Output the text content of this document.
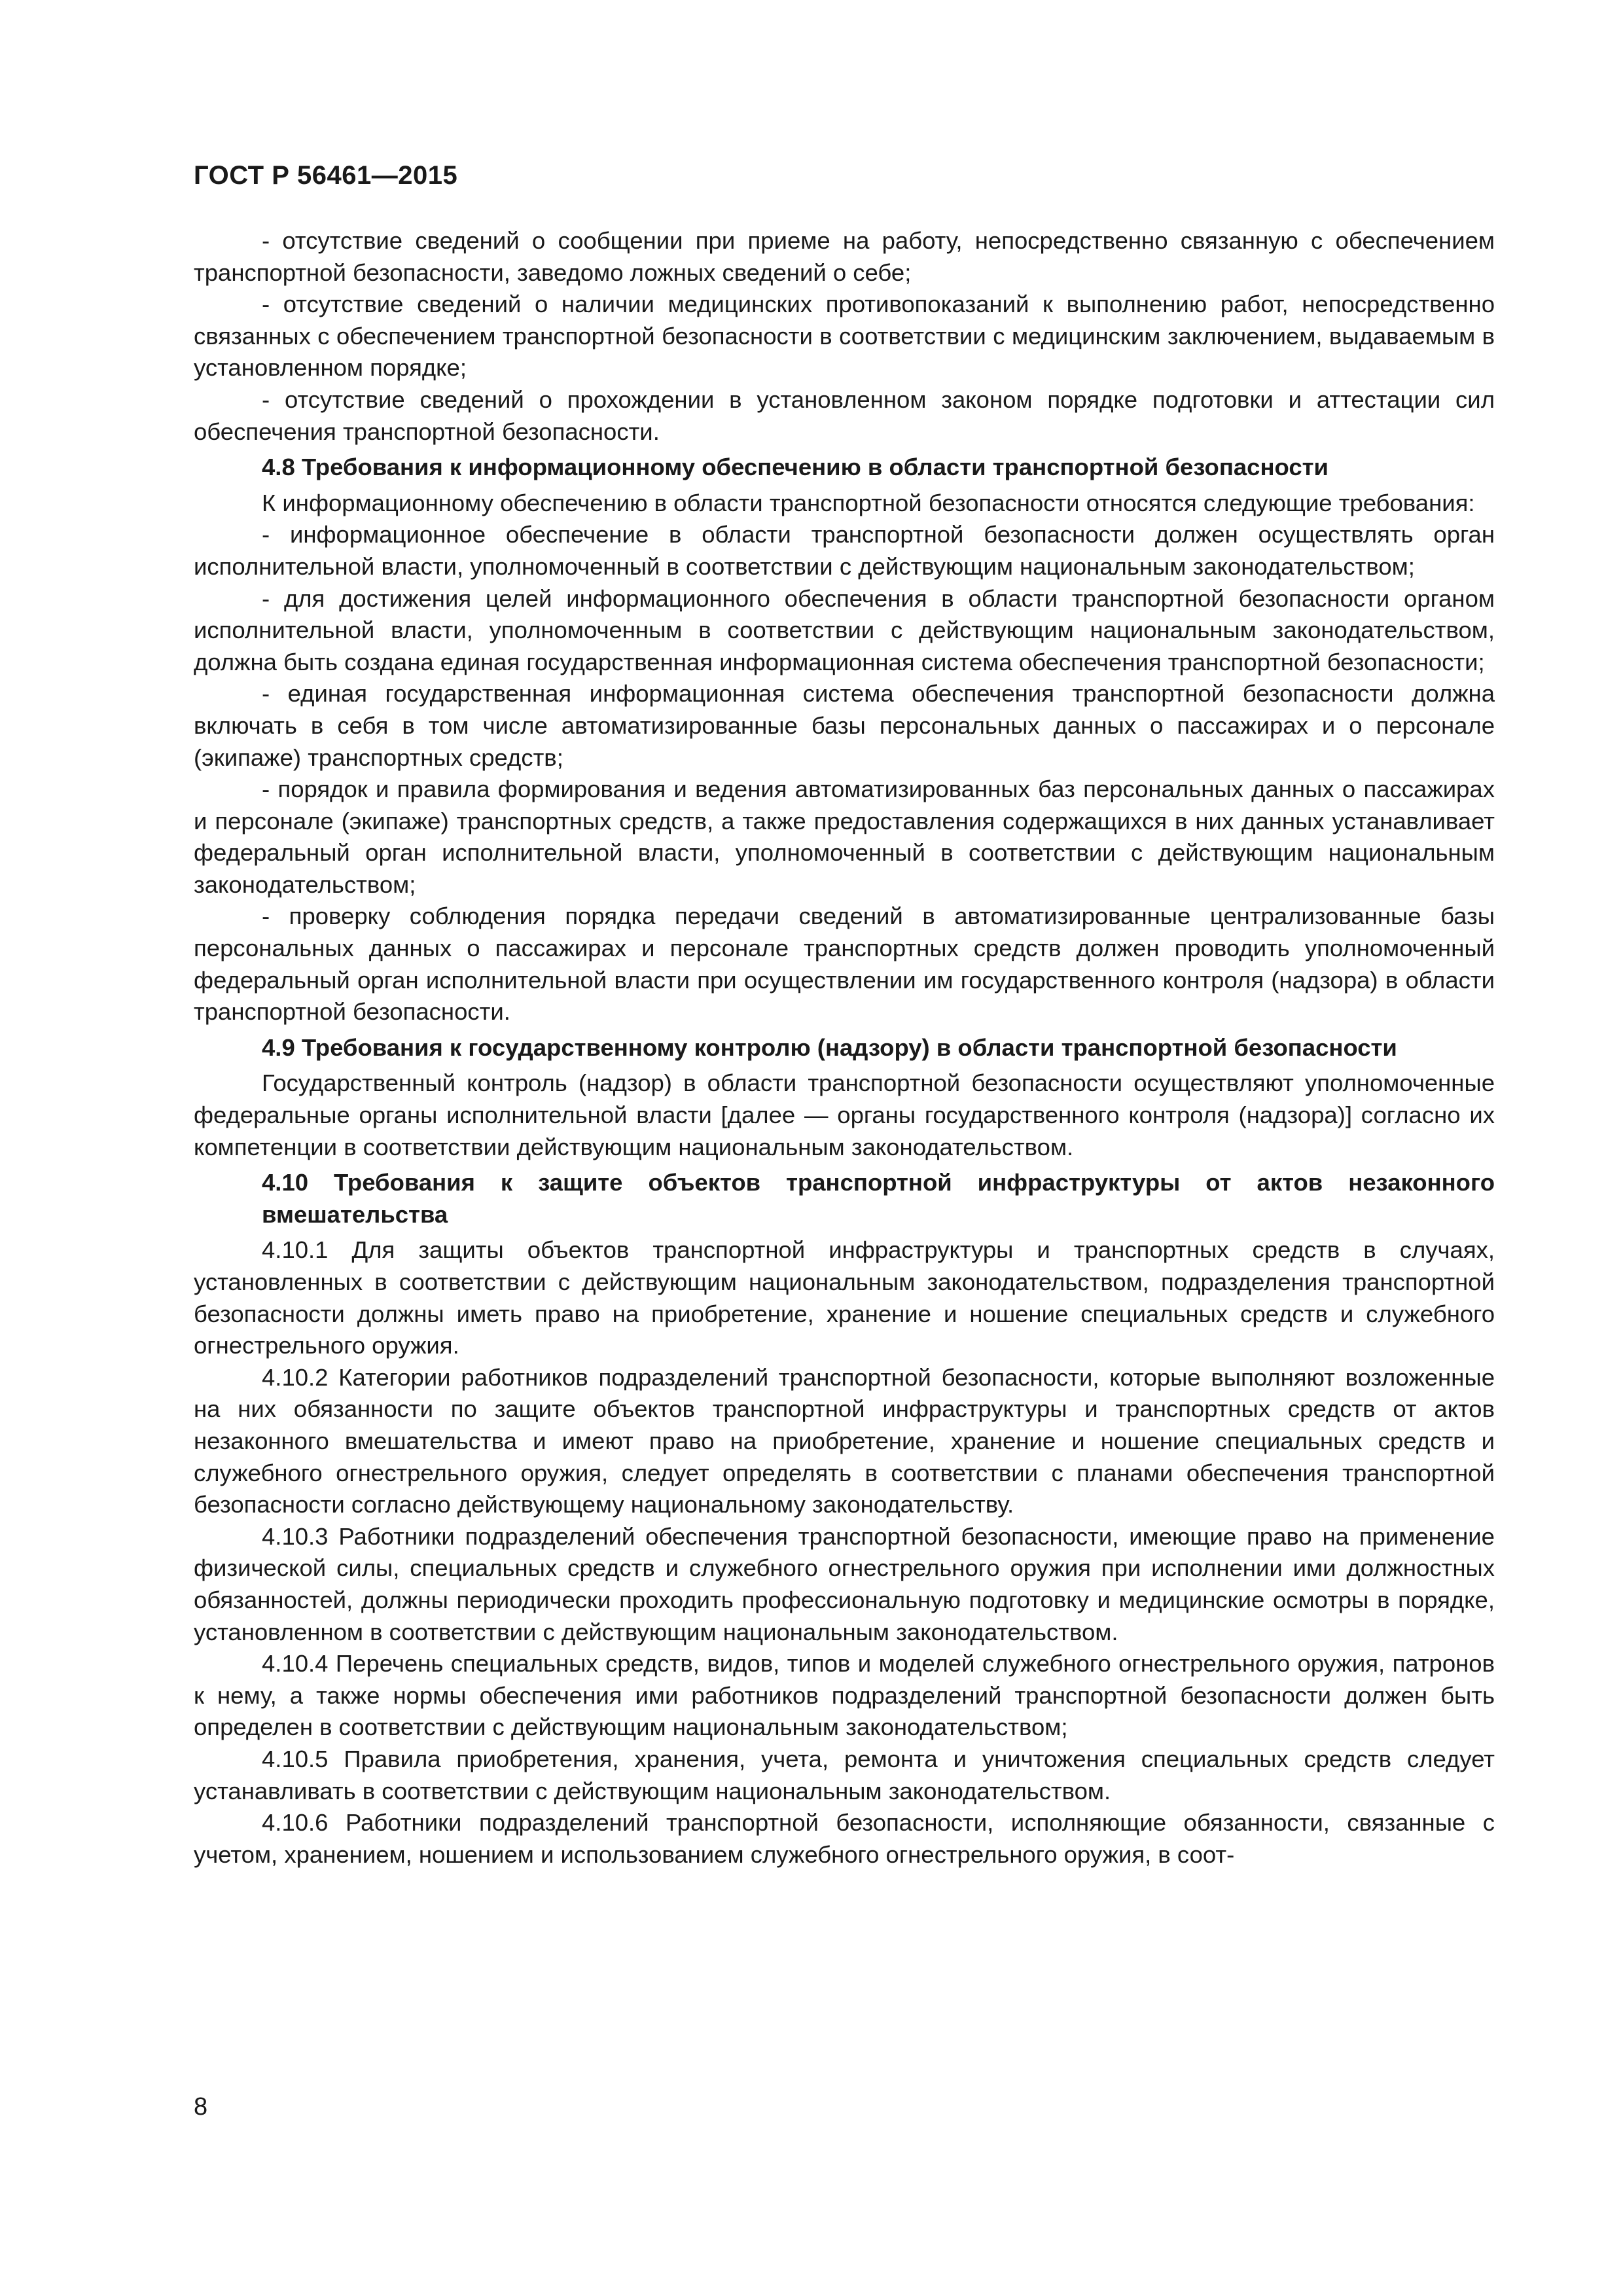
ГОСТ Р 56461—2015

- отсутствие сведений о сообщении при приеме на работу, непосредственно связанную с обеспечением транспортной безопасности, заведомо ложных сведений о себе;

- отсутствие сведений о наличии медицинских противопоказаний к выполнению работ, непосредственно связанных с обеспечением транспортной безопасности в соответствии с медицинским заключением, выдаваемым в установленном порядке;

- отсутствие сведений о прохождении в установленном законом порядке подготовки и аттестации сил обеспечения транспортной безопасности.

4.8 Требования к информационному обеспечению в области транспортной безопасности

К информационному обеспечению в области транспортной безопасности относятся следующие требования:

- информационное обеспечение в области транспортной безопасности должен осуществлять орган исполнительной власти, уполномоченный в соответствии с действующим национальным законодательством;

- для достижения целей информационного обеспечения в области транспортной безопасности органом исполнительной власти, уполномоченным в соответствии с действующим национальным законодательством, должна быть создана единая государственная информационная система обеспечения транспортной безопасности;

- единая государственная информационная система обеспечения транспортной безопасности должна включать в себя в том числе автоматизированные базы персональных данных о пассажирах и о персонале (экипаже) транспортных средств;

- порядок и правила формирования и ведения автоматизированных баз персональных данных о пассажирах и персонале (экипаже) транспортных средств, а также предоставления содержащихся в них данных устанавливает федеральный орган исполнительной власти, уполномоченный в соответствии с действующим национальным законодательством;

- проверку соблюдения порядка передачи сведений в автоматизированные централизованные базы персональных данных о пассажирах и персонале транспортных средств должен проводить уполномоченный федеральный орган исполнительной власти при осуществлении им государственного контроля (надзора) в области транспортной безопасности.

4.9 Требования к государственному контролю (надзору) в области транспортной безопасности

Государственный контроль (надзор) в области транспортной безопасности осуществляют уполномоченные федеральные органы исполнительной власти [далее — органы государственного контроля (надзора)] согласно их компетенции в соответствии действующим национальным законодательством.

4.10 Требования к защите объектов транспортной инфраструктуры от актов незаконного вмешательства

4.10.1 Для защиты объектов транспортной инфраструктуры и транспортных средств в случаях, установленных в соответствии с действующим национальным законодательством, подразделения транспортной безопасности должны иметь право на приобретение, хранение и ношение специальных средств и служебного огнестрельного оружия.

4.10.2 Категории работников подразделений транспортной безопасности, которые выполняют возложенные на них обязанности по защите объектов транспортной инфраструктуры и транспортных средств от актов незаконного вмешательства и имеют право на приобретение, хранение и ношение специальных средств и служебного огнестрельного оружия, следует определять в соответствии с планами обеспечения транспортной безопасности согласно действующему национальному законодательству.

4.10.3 Работники подразделений обеспечения транспортной безопасности, имеющие право на применение физической силы, специальных средств и служебного огнестрельного оружия при исполнении ими должностных обязанностей, должны периодически проходить профессиональную подготовку и медицинские осмотры в порядке, установленном в соответствии с действующим национальным законодательством.

4.10.4 Перечень специальных средств, видов, типов и моделей служебного огнестрельного оружия, патронов к нему, а также нормы обеспечения ими работников подразделений транспортной безопасности должен быть определен в соответствии с действующим национальным законодательством;

4.10.5 Правила приобретения, хранения, учета, ремонта и уничтожения специальных средств следует устанавливать в соответствии с действующим национальным законодательством.

4.10.6 Работники подразделений транспортной безопасности, исполняющие обязанности, связанные с учетом, хранением, ношением и использованием служебного огнестрельного оружия, в соот-

8
